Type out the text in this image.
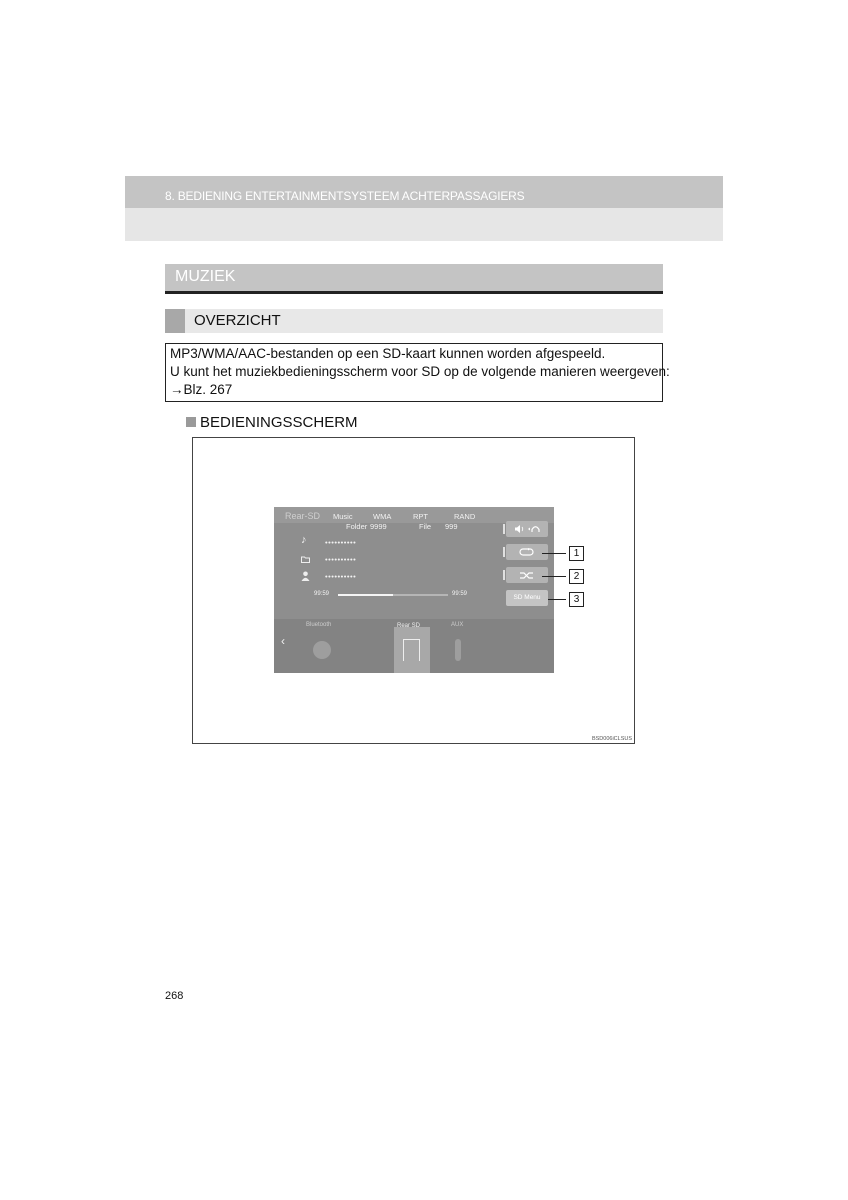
8. BEDIENING ENTERTAINMENTSYSTEEM ACHTERPASSAGIERS
MUZIEK
OVERZICHT
MP3/WMA/AAC-bestanden op een SD-kaart kunnen worden afgespeeld.
U kunt het muziekbedieningsscherm voor SD op de volgende manieren weergeven:
→Blz. 267
BEDIENINGSSCHERM
Rear-SD Music	WMA	RPT	RAND
Folder 9999	File 999
♪ ••••••••••
••••••••••
••••••••••
99:59	99:59	SD Menu
‹
Bluetooth	Rear SD	AUX
1
2
3
BSD006iCLSUS
268
